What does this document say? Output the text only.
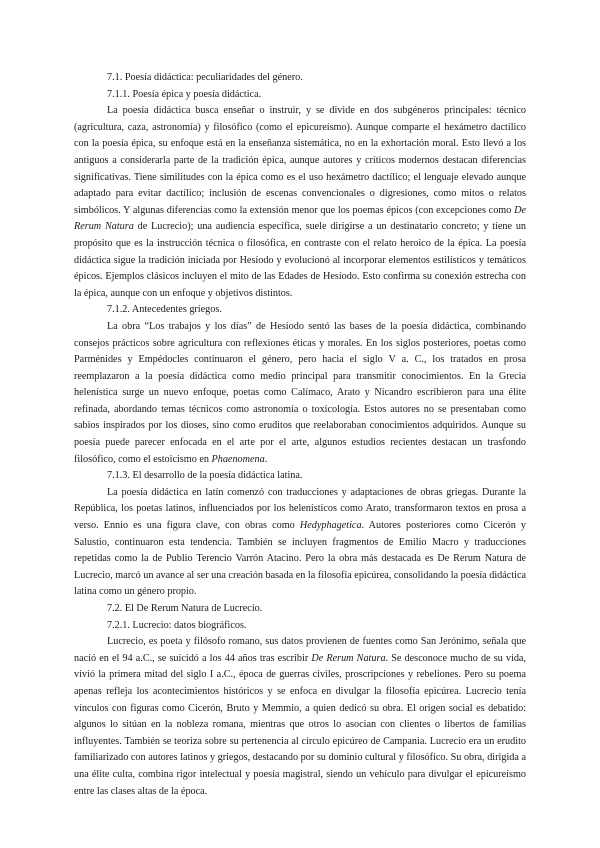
7.1. Poesía didáctica: peculiaridades del género.

7.1.1. Poesía épica y poesía didáctica.

La poesía didáctica busca enseñar o instruir, y se divide en dos subgéneros principales: técnico (agricultura, caza, astronomía) y filosófico (como el epicureísmo). Aunque comparte el hexámetro dactílico con la poesía épica, su enfoque está en la enseñanza sistemática, no en la exhortación moral. Esto llevó a los antiguos a considerarla parte de la tradición épica, aunque autores y críticos modernos destacan diferencias significativas. Tiene similitudes con la épica como es el uso hexámetro dactílico; el lenguaje elevado aunque adaptado para evitar dactílico; inclusión de escenas convencionales o digresiones, como mitos o relatos simbólicos. Y algunas diferencias como la extensión menor que los poemas épicos (con excepciones como De Rerum Natura de Lucrecio); una audiencia específica, suele dirigirse a un destinatario concreto; y tiene un propósito que es la instrucción técnica o filosófica, en contraste con el relato heroico de la épica. La poesía didáctica sigue la tradición iniciada por Hesíodo y evolucionó al incorporar elementos estilísticos y temáticos épicos. Ejemplos clásicos incluyen el mito de las Edades de Hesíodo. Esto confirma su conexión estrecha con la épica, aunque con un enfoque y objetivos distintos.

7.1.2. Antecedentes griegos.

La obra “Los trabajos y los días” de Hesíodo sentó las bases de la poesía didáctica, combinando consejos prácticos sobre agricultura con reflexiones éticas y morales. En los siglos posteriores, poetas como Parménides y Empédocles continuaron el género, pero hacia el siglo V a. C., los tratados en prosa reemplazaron a la poesía didáctica como medio principal para transmitir conocimientos. En la Grecia helenística surge un nuevo enfoque, poetas como Calímaco, Arato y Nicandro escribieron para una élite refinada, abordando temas técnicos como astronomía o toxicología. Estos autores no se presentaban como sabios inspirados por los dioses, sino como eruditos que reelaboraban conocimientos adquiridos. Aunque su poesía puede parecer enfocada en el arte por el arte, algunos estudios recientes destacan un trasfondo filosófico, como el estoicismo en Phaenomena.

7.1.3. El desarrollo de la poesía didáctica latina.

La poesía didáctica en latín comenzó con traducciones y adaptaciones de obras griegas. Durante la República, los poetas latinos, influenciados por los helenísticos como Arato, transformaron textos en prosa a verso. Ennio es una figura clave, con obras como Hedyphagetica. Autores posteriores como Cicerón y Salustio, continuaron esta tendencia. También se incluyen fragmentos de Emilio Macro y traducciones repetidas como la de Publio Terencio Varrón Atacino. Pero la obra más destacada es De Rerum Natura de Lucrecio, marcó un avance al ser una creación basada en la filosofía epicúrea, consolidando la poesía didáctica latina como un género propio.

7.2. El De Rerum Natura de Lucrecio.

7.2.1. Lucrecio: datos biográficos.

Lucrecio, es poeta y filósofo romano, sus datos provienen de fuentes como San Jerónimo, señala que nació en el 94 a.C., se suicidó a los 44 años tras escribir De Rerum Natura. Se desconoce mucho de su vida, vivió la primera mitad del siglo I a.C., época de guerras civiles, proscripciones y rebeliones. Pero su poema apenas refleja los acontecimientos históricos y se enfoca en divulgar la filosofía epicúrea. Lucrecio tenía vínculos con figuras como Cicerón, Bruto y Memmio, a quien dedicó su obra. El origen social es debatido: algunos lo sitúan en la nobleza romana, mientras que otros lo asocian con clientes o libertos de familias influyentes. También se teoriza sobre su pertenencia al círculo epicúreo de Campania. Lucrecio era un erudito familiarizado con autores latinos y griegos, destacando por su dominio cultural y filosófico. Su obra, dirigida a una élite culta, combina rigor intelectual y poesía magistral, siendo un vehículo para divulgar el epicureísmo entre las clases altas de la época.
